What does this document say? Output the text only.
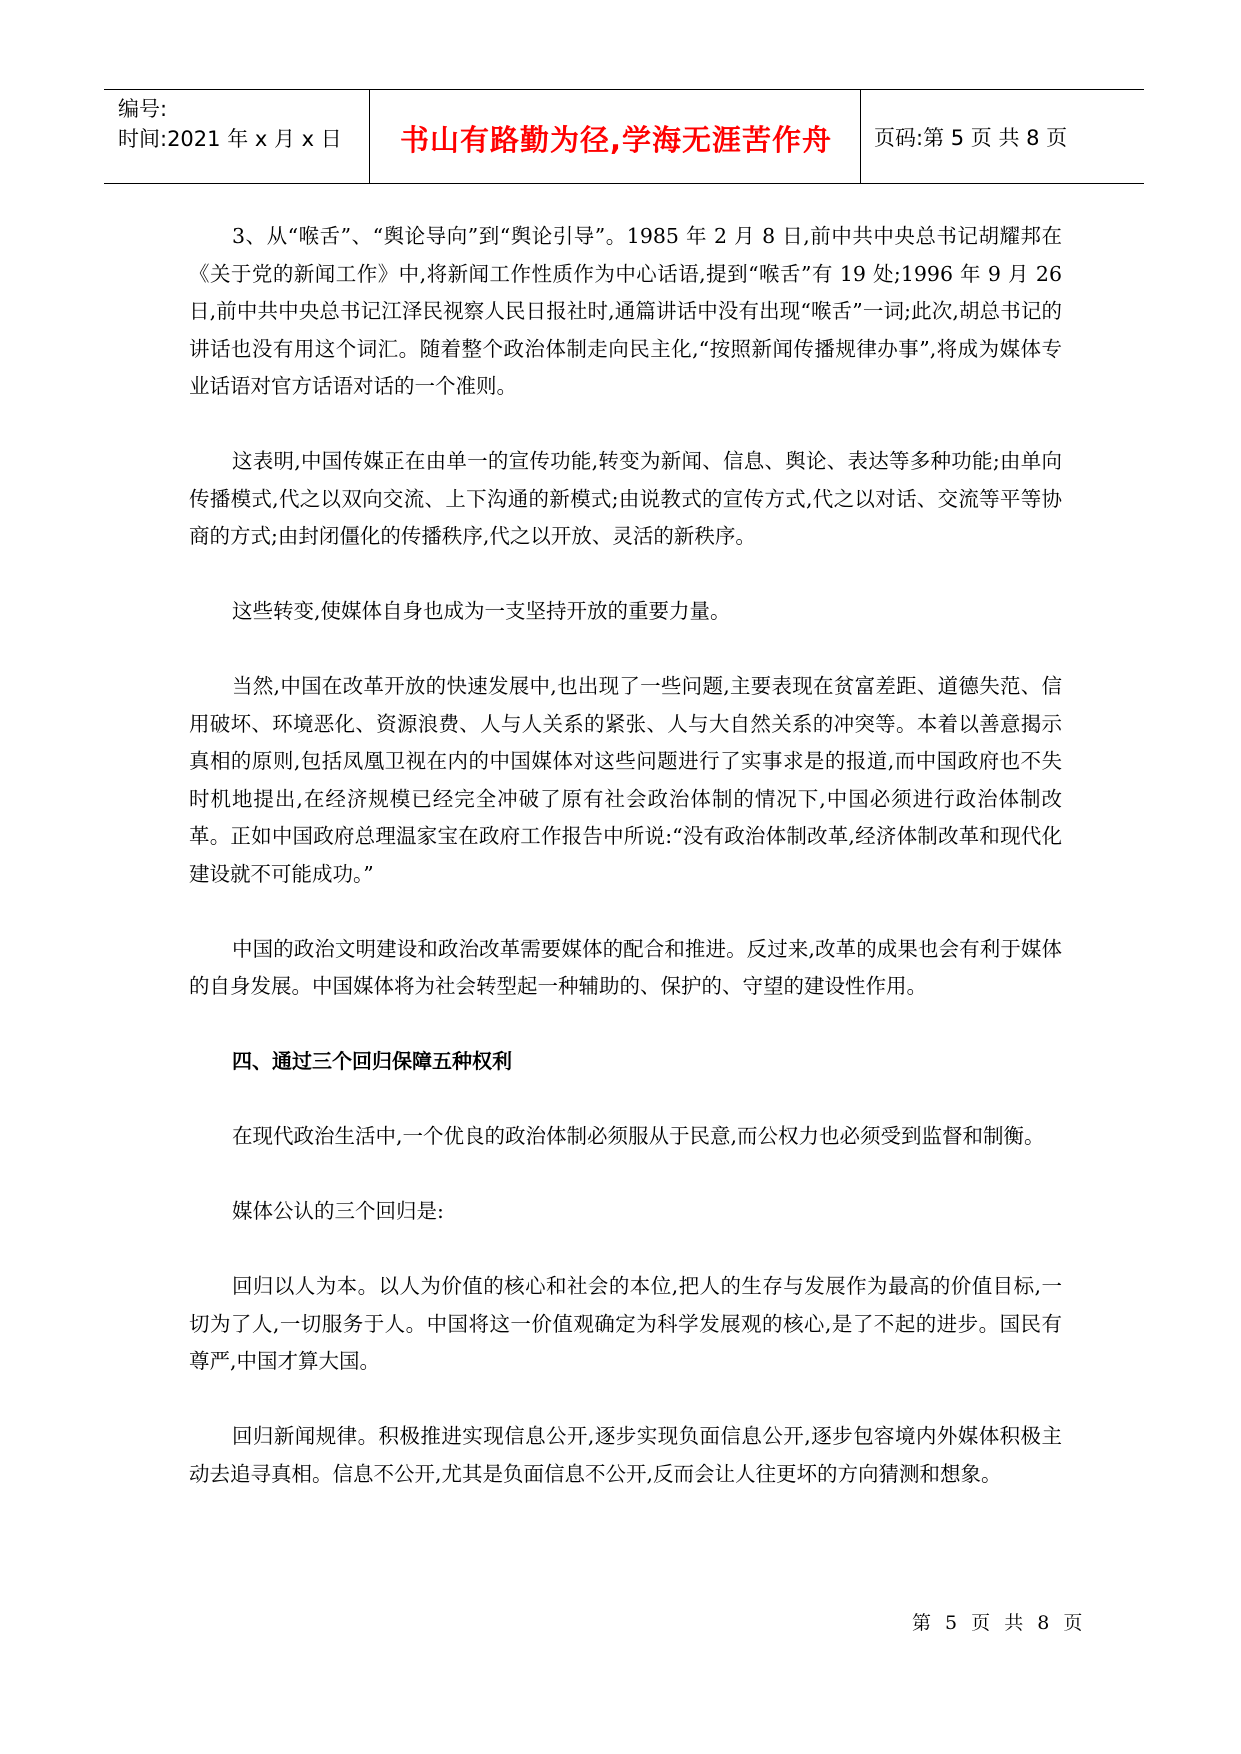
编号:
时间:2021 年 x 月 x 日	书山有路勤为径,学海无涯苦作舟	页码:第 5 页 共 8 页

3、从“喉舌”、“舆论导向”到“舆论引导”。1985 年 2 月 8 日,前中共中央总书记胡耀邦在《关于党的新闻工作》中,将新闻工作性质作为中心话语,提到“喉舌”有 19 处;1996 年 9 月 26 日,前中共中央总书记江泽民视察人民日报社时,通篇讲话中没有出现“喉舌”一词;此次,胡总书记的讲话也没有用这个词汇。随着整个政治体制走向民主化,“按照新闻传播规律办事”,将成为媒体专业话语对官方话语对话的一个准则。

这表明,中国传媒正在由单一的宣传功能,转变为新闻、信息、舆论、表达等多种功能;由单向传播模式,代之以双向交流、上下沟通的新模式;由说教式的宣传方式,代之以对话、交流等平等协商的方式;由封闭僵化的传播秩序,代之以开放、灵活的新秩序。

这些转变,使媒体自身也成为一支坚持开放的重要力量。

当然,中国在改革开放的快速发展中,也出现了一些问题,主要表现在贫富差距、道德失范、信用破坏、环境恶化、资源浪费、人与人关系的紧张、人与大自然关系的冲突等。本着以善意揭示真相的原则,包括凤凰卫视在内的中国媒体对这些问题进行了实事求是的报道,而中国政府也不失时机地提出,在经济规模已经完全冲破了原有社会政治体制的情况下,中国必须进行政治体制改革。正如中国政府总理温家宝在政府工作报告中所说:“没有政治体制改革,经济体制改革和现代化建设就不可能成功。”

中国的政治文明建设和政治改革需要媒体的配合和推进。反过来,改革的成果也会有利于媒体的自身发展。中国媒体将为社会转型起一种辅助的、保护的、守望的建设性作用。

四、通过三个回归保障五种权利

在现代政治生活中,一个优良的政治体制必须服从于民意,而公权力也必须受到监督和制衡。

媒体公认的三个回归是:

回归以人为本。以人为价值的核心和社会的本位,把人的生存与发展作为最高的价值目标,一切为了人,一切服务于人。中国将这一价值观确定为科学发展观的核心,是了不起的进步。国民有尊严,中国才算大国。

回归新闻规律。积极推进实现信息公开,逐步实现负面信息公开,逐步包容境内外媒体积极主动去追寻真相。信息不公开,尤其是负面信息不公开,反而会让人往更坏的方向猜测和想象。

第 5 页 共 8 页
